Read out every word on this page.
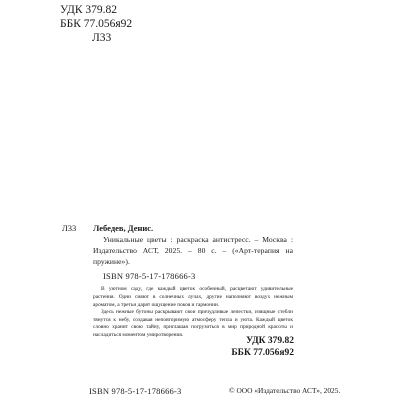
УДК 379.82
ББК 77.056я92
Л33
Л33 Лебедев, Денис.

Уникальные цветы : раскраска антистресс. – Москва : Издательство АСТ, 2025. – 80 с. – («Арт-терапия на пружине»).

ISBN 978-5-17-178666-3

В уютном саду, где каждый цветок особенный, расцветают удивительные растения. Одни сияют в солнечных лучах, другие наполняют воздух нежным ароматом, а третьи дарят ощущение покоя и гармонии.

Здесь нежные бутоны раскрывают свои причудливые лепестки, изящные стебли тянутся к небу, создавая неповторимую атмосферу тепла и уюта. Каждый цветок словно хранит свою тайну, приглашая погрузиться в мир природной красоты и насладиться моментом умиротворения.

УДК 379.82
ББК 77.056я92
ISBN 978-5-17-178666-3	© ООО «Издательство АСТ», 2025.
